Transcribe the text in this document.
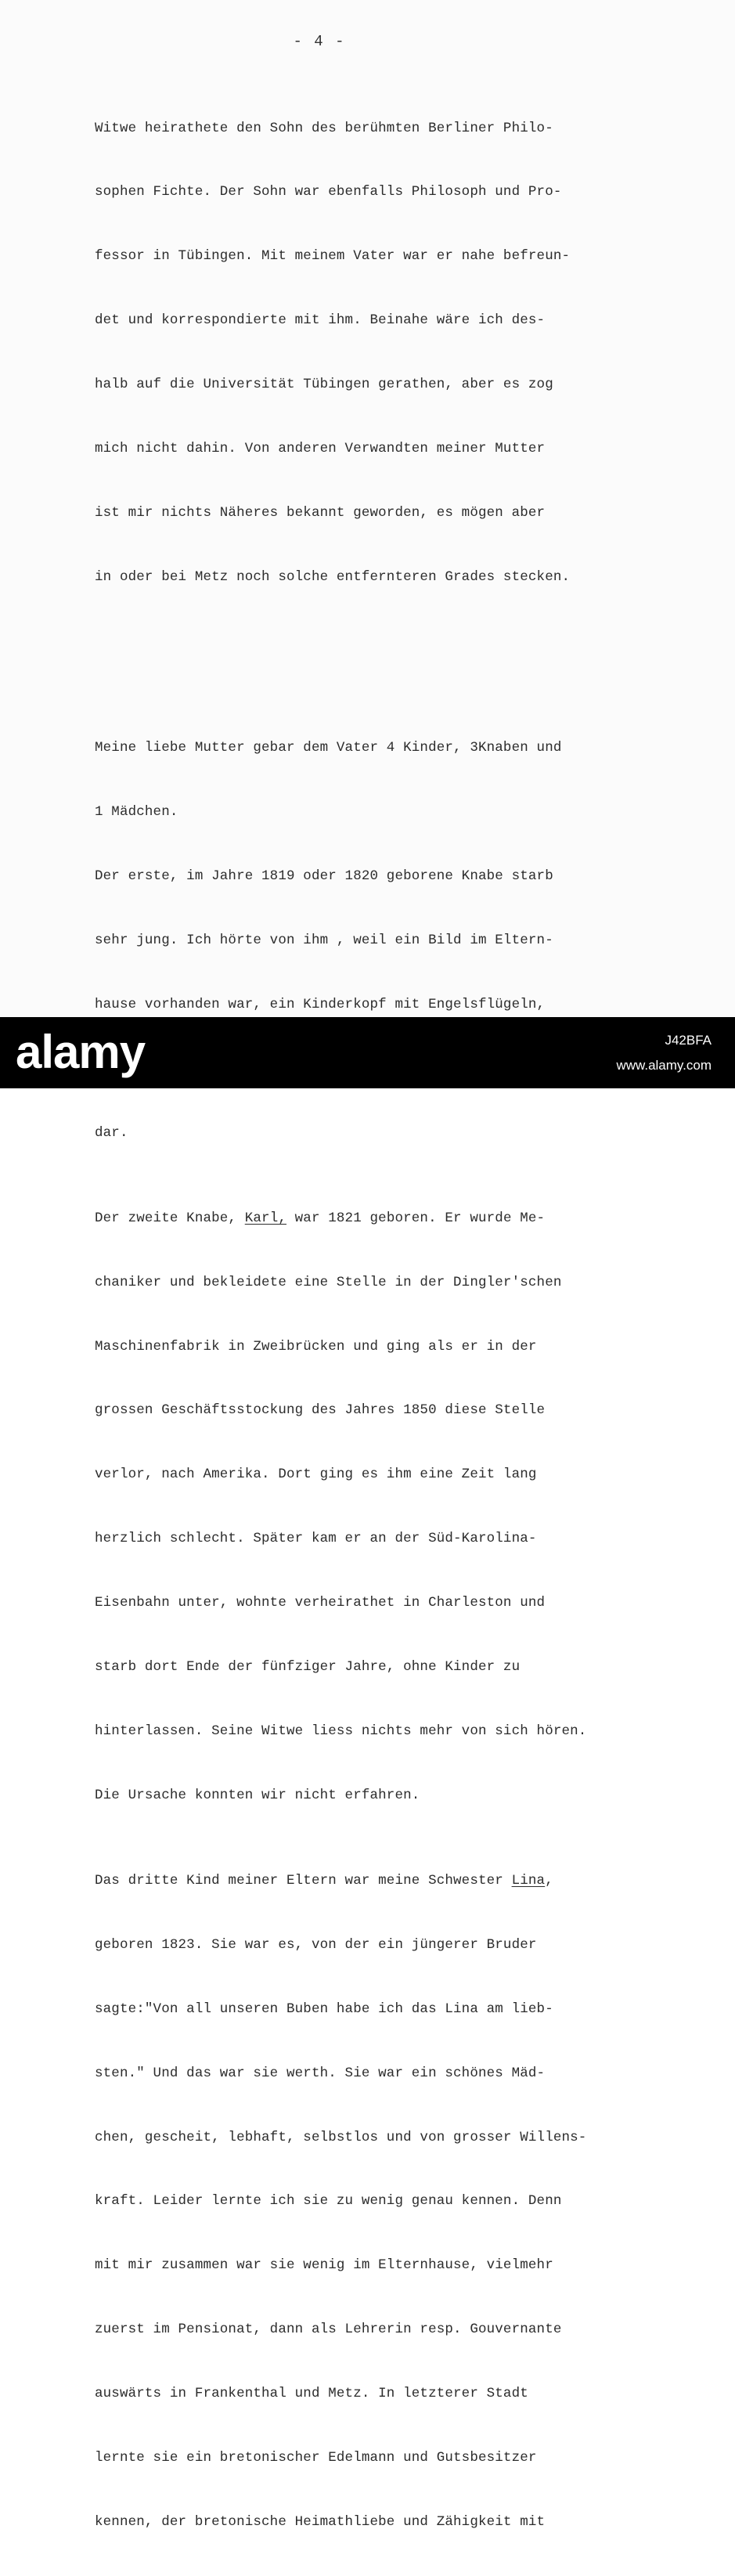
- 4 -

Witwe heirathete den Sohn des berühmten Berliner Philo-

sophen Fichte. Der Sohn war ebenfalls Philosoph und Pro-

fessor in Tübingen. Mit meinem Vater war er nahe befreun-

det und korrespondierte mit ihm. Beinahe wäre ich des-

halb auf die Universität Tübingen gerathen, aber es zog

mich nicht dahin. Von anderen Verwandten meiner Mutter

ist mir nichts Näheres bekannt geworden, es mögen aber

in oder bei Metz noch solche entfernteren Grades stecken.

Meine liebe Mutter gebar dem Vater 4 Kinder, 3Knaben und

1 Mädchen.

Der erste, im Jahre 1819 oder 1820 geborene Knabe starb

sehr jung. Ich hörte von ihm , weil ein Bild im Eltern-

hause vorhanden war, ein Kinderkopf mit Engelsflügeln,

dar.

Der zweite Knabe, Karl, war 1821 geboren. Er wurde Me-

chaniker und bekleidete eine Stelle in der Dingler'schen

Maschinenfabrik in Zweibrücken und ging als er in der

grossen Geschäftsstockung des Jahres 1850 diese Stelle

verlor, nach Amerika. Dort ging es ihm eine Zeit lang

herzlich schlecht. Später kam er an der Süd-Karolina-

Eisenbahn unter, wohnte verheirathet in Charleston und

starb dort Ende der fünfziger Jahre, ohne Kinder zu

hinterlassen. Seine Witwe liess nichts mehr von sich hören.

Die Ursache konnten wir nicht erfahren.

Das dritte Kind meiner Eltern war meine Schwester Lina,

geboren 1823. Sie war es, von der ein jüngerer Bruder

sagte:"Von all unseren Buben habe ich das Lina am lieb-

sten." Und das war sie werth. Sie war ein schönes Mäd-

chen, gescheit, lebhaft, selbstlos und von grosser Willens-

kraft. Leider lernte ich sie zu wenig genau kennen. Denn

mit mir zusammen war sie wenig im Elternhause, vielmehr

zuerst im Pensionat, dann als Lehrerin resp. Gouvernante

auswärts in Frankenthal und Metz. In letzterer Stadt

lernte sie ein bretonischer Edelmann und Gutsbesitzer

kennen, der bretonische Heimathliebe und Zähigkeit mit

alamy	J42BFA
www.alamy.com
